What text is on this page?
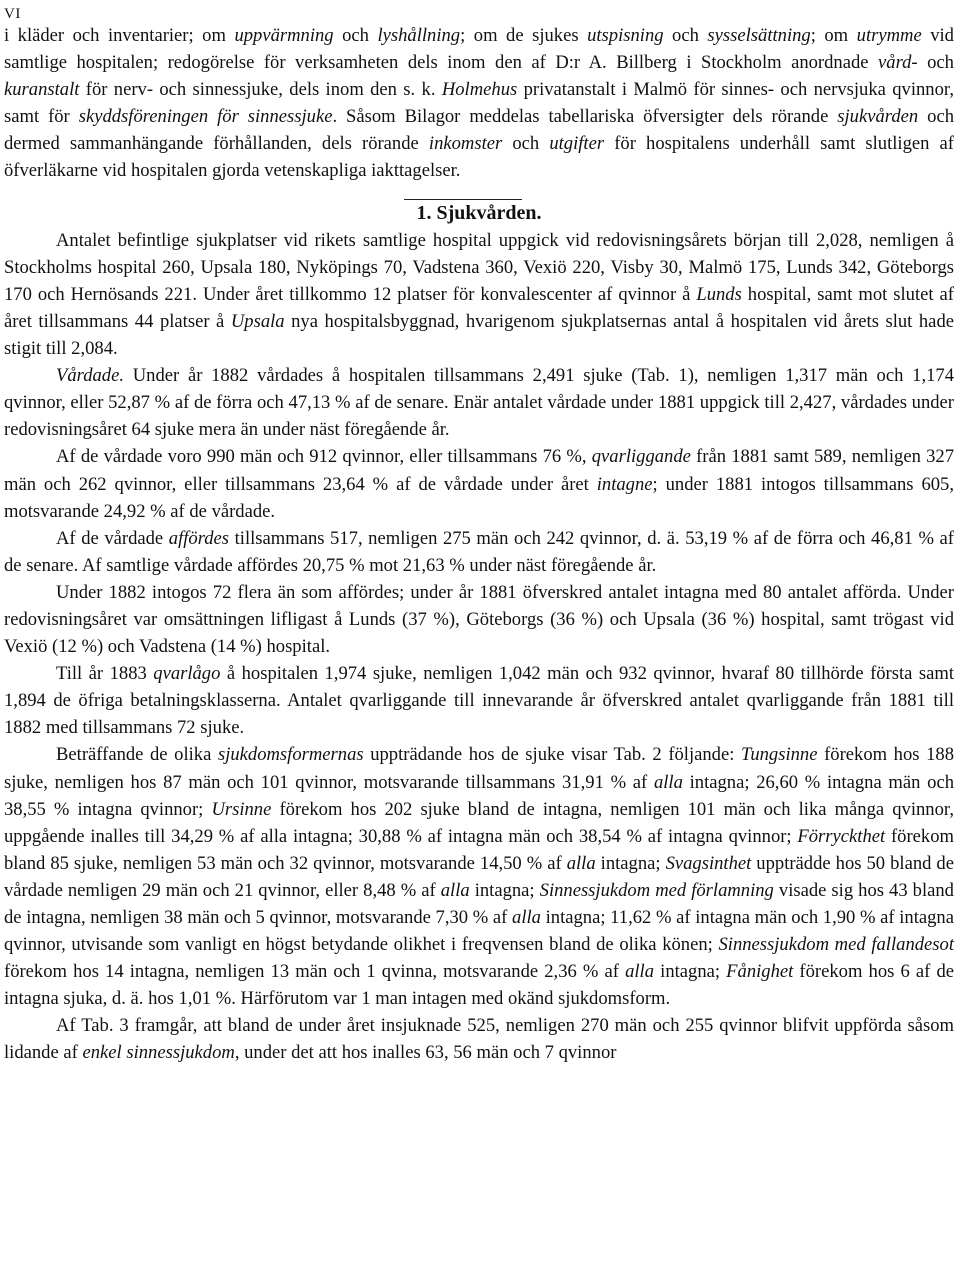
VI

i kläder och inventarier; om uppvärmning och lyshållning; om de sjukes utspisning och sysselsättning; om utrymme vid samtlige hospitalen; redogörelse för verksamheten dels inom den af D:r A. Billberg i Stockholm anordnade vård- och kuranstalt för nerv- och sinnessjuke, dels inom den s. k. Holmehus privatanstalt i Malmö för sinnes- och nervsjuka qvinnor, samt för skyddsföreningen för sinnessjuke. Såsom Bilagor meddelas tabellariska öfversigter dels rörande sjukvården och dermed sammanhängande förhållanden, dels rörande inkomster och utgifter för hospitalens underhåll samt slutligen af öfverläkarne vid hospitalen gjorda vetenskapliga iakttagelser.

1. Sjukvården.

Antalet befintlige sjukplatser vid rikets samtlige hospital uppgick vid redovisningsårets början till 2,028, nemligen å Stockholms hospital 260, Upsala 180, Nyköpings 70, Vadstena 360, Vexiö 220, Visby 30, Malmö 175, Lunds 342, Göteborgs 170 och Hernösands 221. Under året tillkommo 12 platser för konvalescenter af qvinnor å Lunds hospital, samt mot slutet af året tillsammans 44 platser å Upsala nya hospitalsbyggnad, hvarigenom sjukplatsernas antal å hospitalen vid årets slut hade stigit till 2,084.

Vårdade. Under år 1882 vårdades å hospitalen tillsammans 2,491 sjuke (Tab. 1), nemligen 1,317 män och 1,174 qvinnor, eller 52,87 % af de förra och 47,13 % af de senare. Enär antalet vårdade under 1881 uppgick till 2,427, vårdades under redovisningsåret 64 sjuke mera än under näst föregående år.

Af de vårdade voro 990 män och 912 qvinnor, eller tillsammans 76 %, qvarliggande från 1881 samt 589, nemligen 327 män och 262 qvinnor, eller tillsammans 23,64 % af de vårdade under året intagne; under 1881 intogos tillsammans 605, motsvarande 24,92 % af de vårdade.

Af de vårdade affördes tillsammans 517, nemligen 275 män och 242 qvinnor, d. ä. 53,19 % af de förra och 46,81 % af de senare. Af samtlige vårdade affördes 20,75 % mot 21,63 % under näst föregående år.

Under 1882 intogos 72 flera än som affördes; under år 1881 öfverskred antalet intagna med 80 antalet afförda. Under redovisningsåret var omsättningen lifligast å Lunds (37 %), Göteborgs (36 %) och Upsala (36 %) hospital, samt trögast vid Vexiö (12 %) och Vadstena (14 %) hospital.

Till år 1883 qvarlågo å hospitalen 1,974 sjuke, nemligen 1,042 män och 932 qvinnor, hvaraf 80 tillhörde första samt 1,894 de öfriga betalningsklasserna. Antalet qvarliggande till innevarande år öfverskred antalet qvarliggande från 1881 till 1882 med tillsammans 72 sjuke.

Beträffande de olika sjukdomsformernas uppträdande hos de sjuke visar Tab. 2 följande: Tungsinne förekom hos 188 sjuke, nemligen hos 87 män och 101 qvinnor, motsvarande tillsammans 31,91 % af alla intagna; 26,60 % intagna män och 38,55 % intagna qvinnor; Ursinne förekom hos 202 sjuke bland de intagna, nemligen 101 män och lika många qvinnor, uppgående inalles till 34,29 % af alla intagna; 30,88 % af intagna män och 38,54 % af intagna qvinnor; Förryckthet förekom bland 85 sjuke, nemligen 53 män och 32 qvinnor, motsvarande 14,50 % af alla intagna; Svagsinthet uppträdde hos 50 bland de vårdade nemligen 29 män och 21 qvinnor, eller 8,48 % af alla intagna; Sinnessjukdom med förlamning visade sig hos 43 bland de intagna, nemligen 38 män och 5 qvinnor, motsvarande 7,30 % af alla intagna; 11,62 % af intagna män och 1,90 % af intagna qvinnor, utvisande som vanligt en högst betydande olikhet i freqvensen bland de olika könen; Sinnessjukdom med fallandesot förekom hos 14 intagna, nemligen 13 män och 1 qvinna, motsvarande 2,36 % af alla intagna; Fånighet förekom hos 6 af de intagna sjuka, d. ä. hos 1,01 %. Härförutom var 1 man intagen med okänd sjukdomsform.

Af Tab. 3 framgår, att bland de under året insjuknade 525, nemligen 270 män och 255 qvinnor blifvit uppförda såsom lidande af enkel sinnessjukdom, under det att hos inalles 63, 56 män och 7 qvinnor
